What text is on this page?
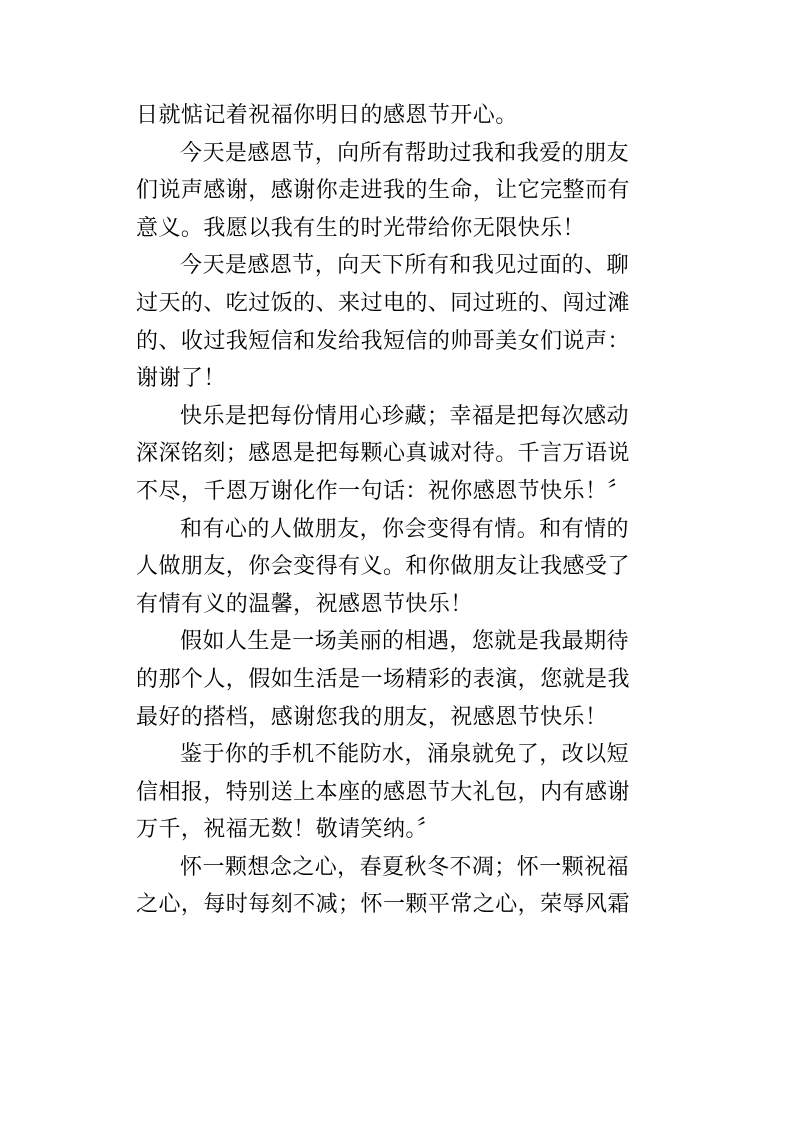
日就惦记着祝福你明日的感恩节开心。
今天是感恩节，向所有帮助过我和我爱的朋友
们说声感谢，感谢你走进我的生命，让它完整而有
意义。我愿以我有生的时光带给你无限快乐！
今天是感恩节，向天下所有和我见过面的、聊
过天的、吃过饭的、来过电的、同过班的、闯过滩
的、收过我短信和发给我短信的帅哥美女们说声：
谢谢了！
快乐是把每份情用心珍藏；幸福是把每次感动
深深铭刻；感恩是把每颗心真诚对待。千言万语说
不尽，千恩万谢化作一句话：祝你感恩节快乐！〞
和有心的人做朋友，你会变得有情。和有情的
人做朋友，你会变得有义。和你做朋友让我感受了
有情有义的温馨，祝感恩节快乐！
假如人生是一场美丽的相遇，您就是我最期待
的那个人，假如生活是一场精彩的表演，您就是我
最好的搭档，感谢您我的朋友，祝感恩节快乐！
鉴于你的手机不能防水，涌泉就免了，改以短
信相报，特别送上本座的感恩节大礼包，内有感谢
万千，祝福无数！敬请笑纳。〞
怀一颗想念之心，春夏秋冬不凋；怀一颗祝福
之心，每时每刻不减；怀一颗平常之心，荣辱风霜
